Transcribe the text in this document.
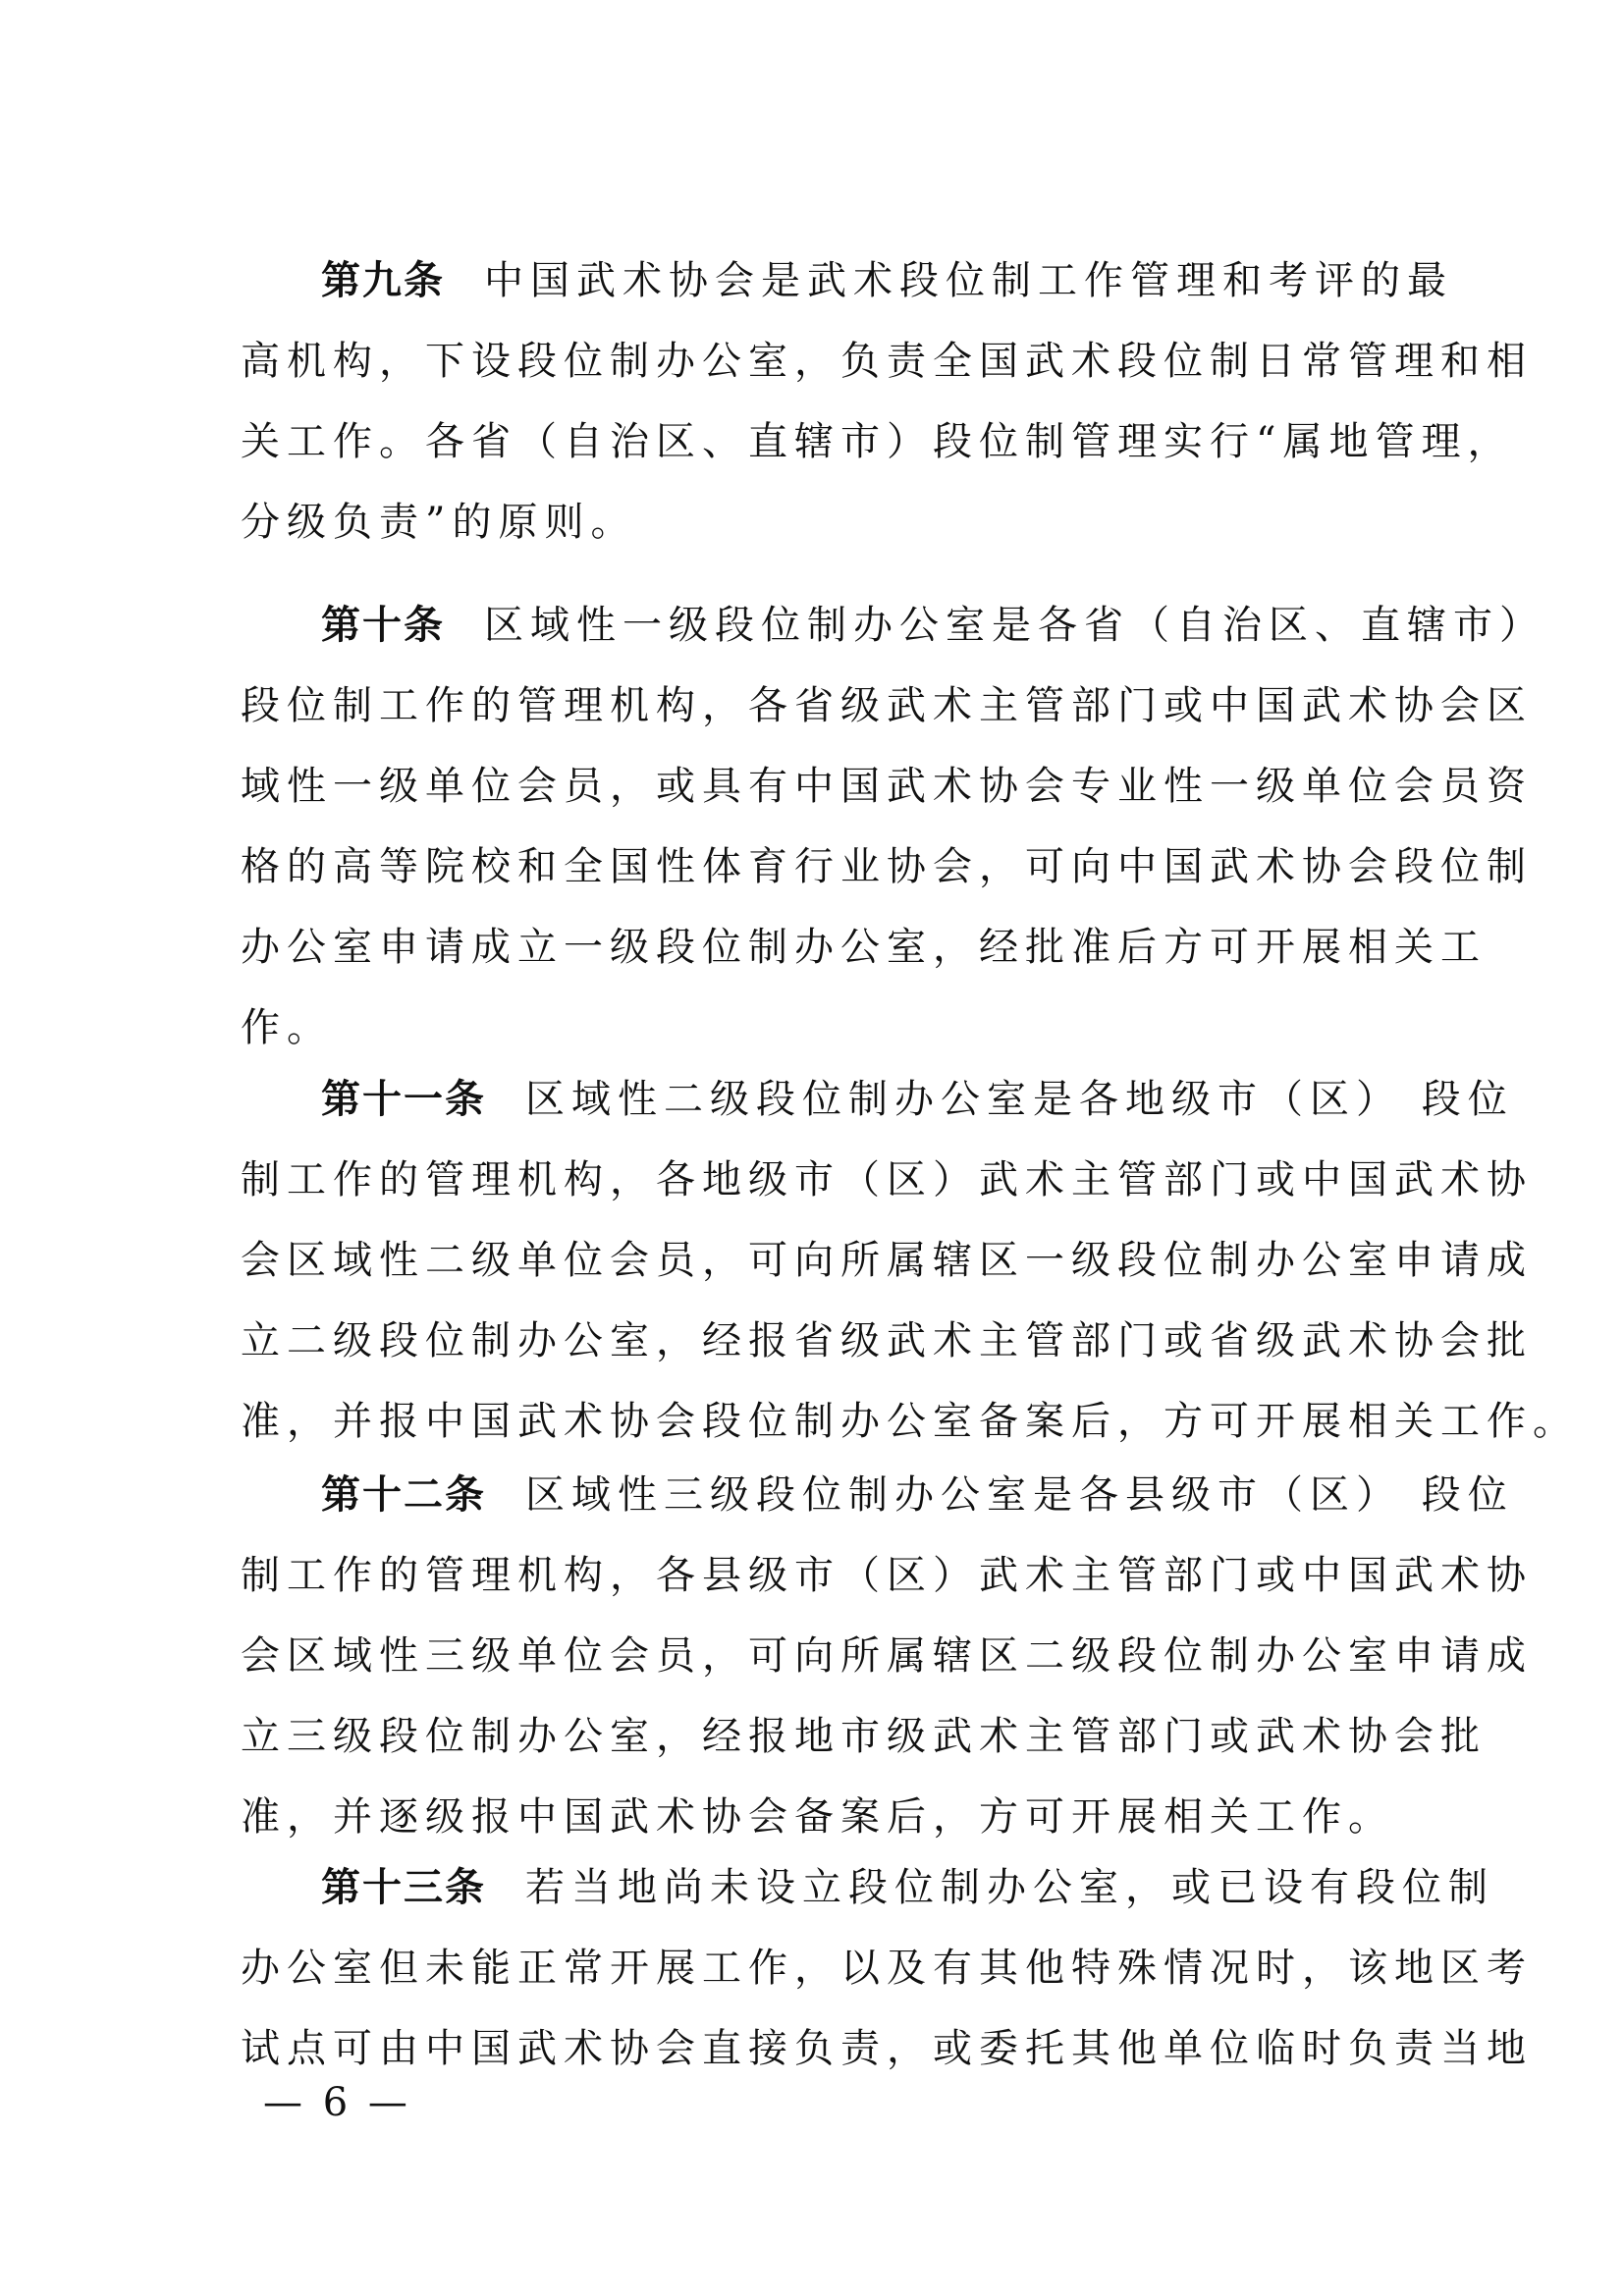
第九条 中国武术协会是武术段位制工作管理和考评的最
高机构，下设段位制办公室，负责全国武术段位制日常管理和相
关工作。各省（自治区、直辖市）段位制管理实行“属地管理，
分级负责”的原则。
第十条 区域性一级段位制办公室是各省（自治区、直辖市）
段位制工作的管理机构，各省级武术主管部门或中国武术协会区
域性一级单位会员，或具有中国武术协会专业性一级单位会员资
格的高等院校和全国性体育行业协会，可向中国武术协会段位制
办公室申请成立一级段位制办公室，经批准后方可开展相关工
作。
第十一条 区域性二级段位制办公室是各地级市（区） 段位
制工作的管理机构，各地级市（区）武术主管部门或中国武术协
会区域性二级单位会员，可向所属辖区一级段位制办公室申请成
立二级段位制办公室，经报省级武术主管部门或省级武术协会批
准，并报中国武术协会段位制办公室备案后，方可开展相关工作。
第十二条 区域性三级段位制办公室是各县级市（区） 段位
制工作的管理机构，各县级市（区）武术主管部门或中国武术协
会区域性三级单位会员，可向所属辖区二级段位制办公室申请成
立三级段位制办公室，经报地市级武术主管部门或武术协会批
准，并逐级报中国武术协会备案后，方可开展相关工作。
第十三条 若当地尚未设立段位制办公室，或已设有段位制
办公室但未能正常开展工作，以及有其他特殊情况时，该地区考
试点可由中国武术协会直接负责，或委托其他单位临时负责当地
— 6 —
